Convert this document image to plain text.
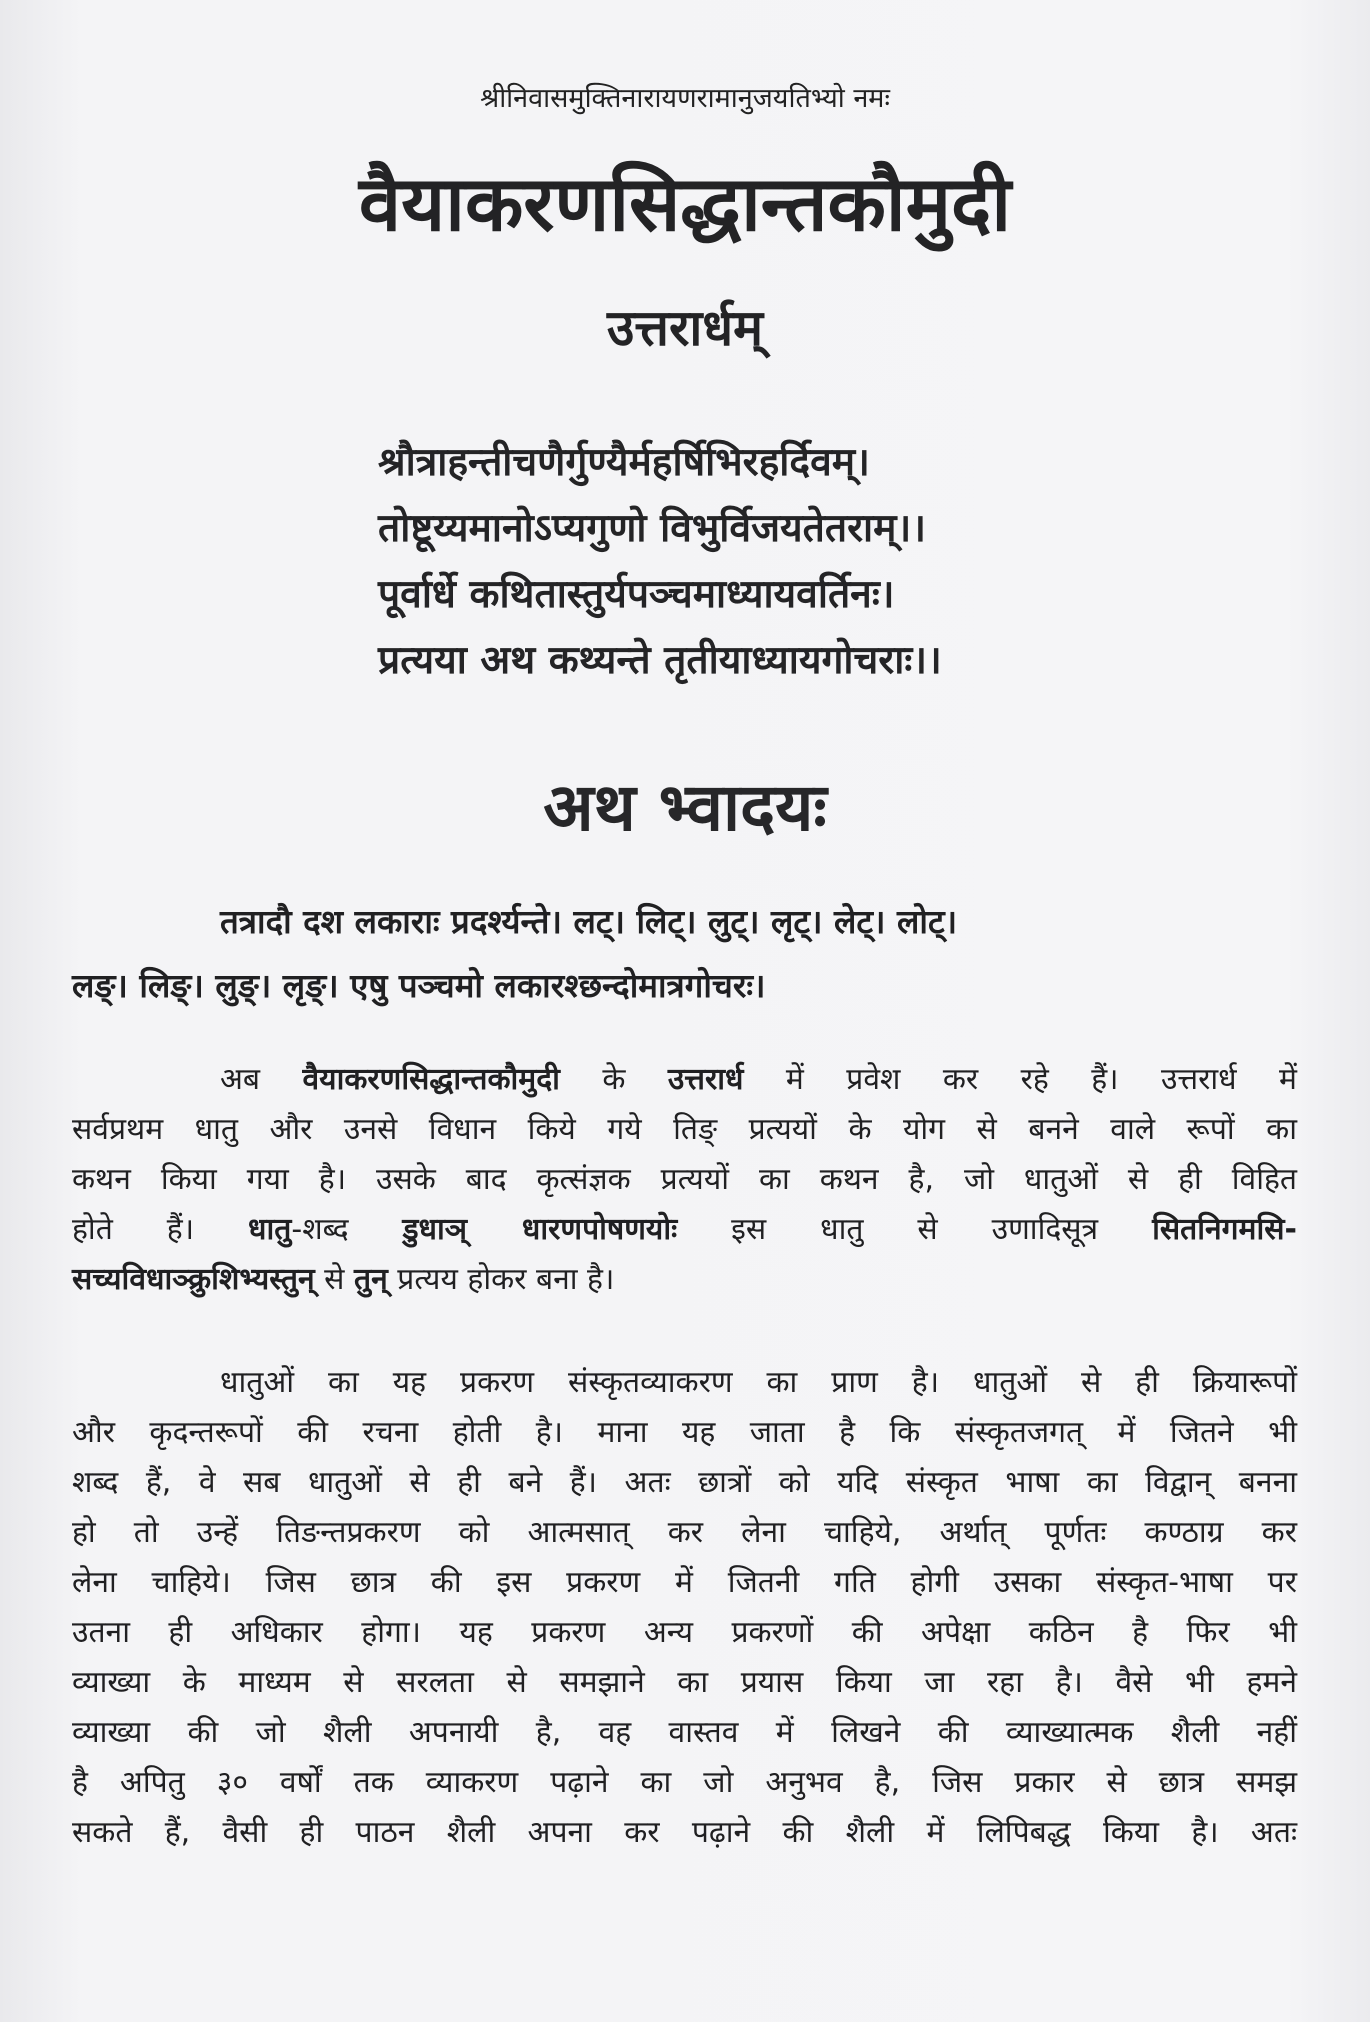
श्रीनिवासमुक्तिनारायणरामानुजयतिभ्यो नमः
वैयाकरणसिद्धान्तकौमुदी
उत्तरार्धम्
श्रौत्राहन्तीचणैर्गुण्यैर्महर्षिभिरहर्दिवम्।
तोष्टूय्यमानोऽप्यगुणो विभुर्विजयतेतराम्।।
पूर्वार्धे कथितास्तुर्यपञ्चमाध्यायवर्तिनः।
प्रत्यया अथ कथ्यन्ते तृतीयाध्यायगोचराः।।
अथ भ्वादयः
तत्रादौ दश लकाराः प्रदर्श्यन्ते। लट्। लिट्। लुट्। लृट्। लेट्। लोट्।
लङ्। लिङ्। लुङ्। लृङ्। एषु पञ्चमो लकारश्छन्दोमात्रगोचरः।
अब वैयाकरणसिद्धान्तकौमुदी के उत्तरार्ध में प्रवेश कर रहे हैं। उत्तरार्ध में
सर्वप्रथम धातु और उनसे विधान किये गये तिङ् प्रत्ययों के योग से बनने वाले रूपों का
कथन किया गया है। उसके बाद कृत्संज्ञक प्रत्ययों का कथन है, जो धातुओं से ही विहित
होते हैं। धातु-शब्द डुधाञ् धारणपोषणयोः इस धातु से उणादिसूत्र सितनिगमसि-
सच्यविधाञ्क्रुशिभ्यस्तुन् से तुन् प्रत्यय होकर बना है।
धातुओं का यह प्रकरण संस्कृतव्याकरण का प्राण है। धातुओं से ही क्रियारूपों
और कृदन्तरूपों की रचना होती है। माना यह जाता है कि संस्कृतजगत् में जितने भी
शब्द हैं, वे सब धातुओं से ही बने हैं। अतः छात्रों को यदि संस्कृत भाषा का विद्वान् बनना
हो तो उन्हें तिङन्तप्रकरण को आत्मसात् कर लेना चाहिये, अर्थात् पूर्णतः कण्ठाग्र कर
लेना चाहिये। जिस छात्र की इस प्रकरण में जितनी गति होगी उसका संस्कृत-भाषा पर
उतना ही अधिकार होगा। यह प्रकरण अन्य प्रकरणों की अपेक्षा कठिन है फिर भी
व्याख्या के माध्यम से सरलता से समझाने का प्रयास किया जा रहा है। वैसे भी हमने
व्याख्या की जो शैली अपनायी है, वह वास्तव में लिखने की व्याख्यात्मक शैली नहीं
है अपितु ३० वर्षों तक व्याकरण पढ़ाने का जो अनुभव है, जिस प्रकार से छात्र समझ
सकते हैं, वैसी ही पाठन शैली अपना कर पढ़ाने की शैली में लिपिबद्ध किया है। अतः
